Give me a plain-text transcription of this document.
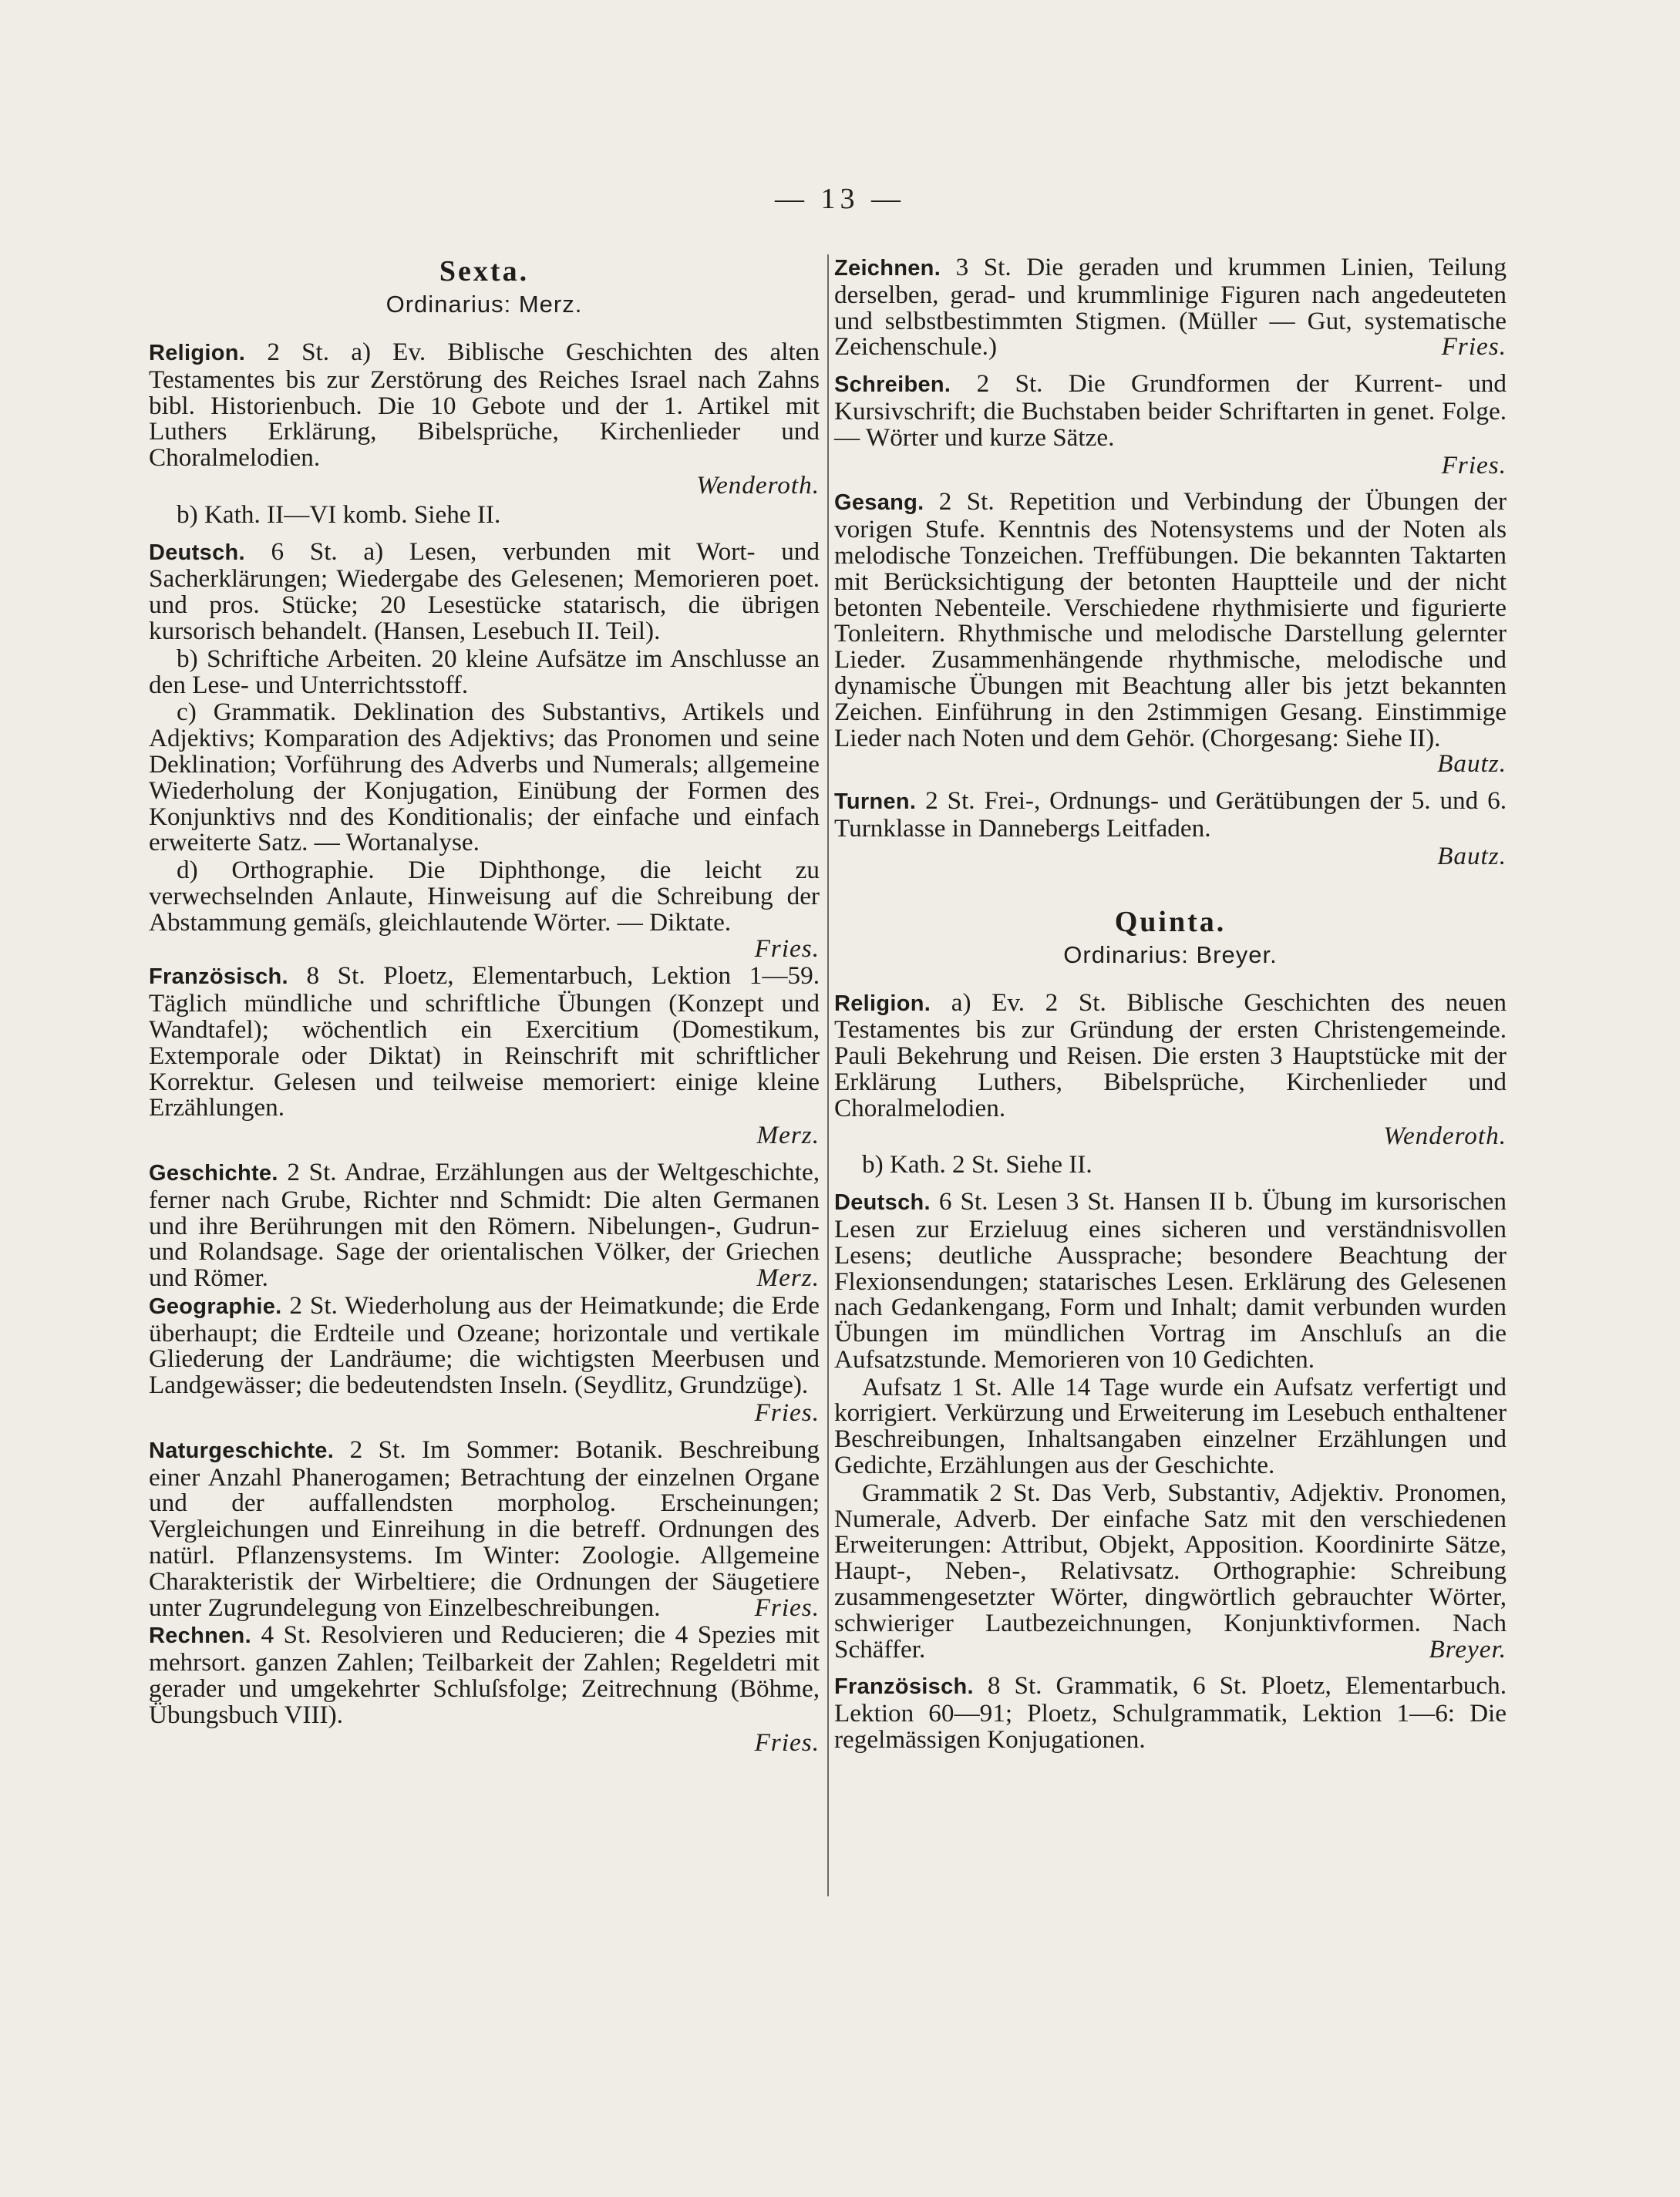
— 13 —
Sexta.
Ordinarius: Merz.

Religion. 2 St. a) Ev. Biblische Geschichten des alten Testamentes bis zur Zerstörung des Reiches Israel nach Zahns bibl. Historienbuch. Die 10 Gebote und der 1. Artikel mit Luthers Erklärung, Bibelsprüche, Kirchenlieder und Choralmelodien.

Wenderoth.

b) Kath. II—VI komb. Siehe II.

Deutsch. 6 St. a) Lesen, verbunden mit Wort- und Sacherklärungen; Wiedergabe des Gelesenen; Memorieren poet. und pros. Stücke; 20 Lesestücke statarisch, die übrigen kursorisch behandelt. (Hansen, Lesebuch II. Teil).

b) Schriftiche Arbeiten. 20 kleine Aufsätze im Anschlusse an den Lese- und Unterrichtsstoff.

c) Grammatik. Deklination des Substantivs, Artikels und Adjektivs; Komparation des Adjektivs; das Pronomen und seine Deklination; Vorführung des Adverbs und Numerals; allgemeine Wiederholung der Konjugation, Einübung der Formen des Konjunktivs nnd des Konditionalis; der einfache und einfach erweiterte Satz. — Wortanalyse.

d) Orthographie. Die Diphthonge, die leicht zu verwechselnden Anlaute, Hinweisung auf die Schreibung der Abstammung gemäſs, gleichlautende Wörter. — Diktate.
Fries.

Französisch. 8 St. Ploetz, Elementarbuch, Lektion 1—59. Täglich mündliche und schriftliche Übungen (Konzept und Wandtafel); wöchentlich ein Exercitium (Domestikum, Extemporale oder Diktat) in Reinschrift mit schriftlicher Korrektur. Gelesen und teilweise memoriert: einige kleine Erzählungen.

Merz.

Geschichte. 2 St. Andrae, Erzählungen aus der Weltgeschichte, ferner nach Grube, Richter nnd Schmidt: Die alten Germanen und ihre Berührungen mit den Römern. Nibelungen-, Gudrun- und Rolandsage. Sage der orientalischen Völker, der Griechen und Römer.	Merz.

Geographie. 2 St. Wiederholung aus der Heimatkunde; die Erde überhaupt; die Erdteile und Ozeane; horizontale und vertikale Gliederung der Landräume; die wichtigsten Meerbusen und Landgewässer; die bedeutendsten Inseln. (Seydlitz, Grundzüge).

Fries.

Naturgeschichte. 2 St. Im Sommer: Botanik. Beschreibung einer Anzahl Phanerogamen; Betrachtung der einzelnen Organe und der auffallendsten morpholog. Erscheinungen; Vergleichungen und Einreihung in die betreff. Ordnungen des natürl. Pflanzensystems. Im Winter: Zoologie. Allgemeine Charakteristik der Wirbeltiere; die Ordnungen der Säugetiere unter Zugrundelegung von Einzelbeschreibungen.	Fries.

Rechnen. 4 St. Resolvieren und Reducieren; die 4 Spezies mit mehrsort. ganzen Zahlen; Teilbarkeit der Zahlen; Regeldetri mit gerader und umgekehrter Schluſsfolge; Zeitrechnung (Böhme, Übungsbuch VIII).

Fries.

Zeichnen. 3 St. Die geraden und krummen Linien, Teilung derselben, gerad- und krummlinige Figuren nach angedeuteten und selbstbestimmten Stigmen. (Müller — Gut, systematische Zeichenschule.)	Fries.

Schreiben. 2 St. Die Grundformen der Kurrent- und Kursivschrift; die Buchstaben beider Schriftarten in genet. Folge. — Wörter und kurze Sätze.

Fries.

Gesang. 2 St. Repetition und Verbindung der Übungen der vorigen Stufe. Kenntnis des Notensystems und der Noten als melodische Tonzeichen. Treffübungen. Die bekannten Taktarten mit Berücksichtigung der betonten Hauptteile und der nicht betonten Nebenteile. Verschiedene rhythmisierte und figurierte Tonleitern. Rhythmische und melodische Darstellung gelernter Lieder. Zusammenhängende rhythmische, melodische und dynamische Übungen mit Beachtung aller bis jetzt bekannten Zeichen. Einführung in den 2stimmigen Gesang. Einstimmige Lieder nach Noten und dem Gehör. (Chorgesang: Siehe II).
Bautz.

Turnen. 2 St. Frei-, Ordnungs- und Gerätübungen der 5. und 6. Turnklasse in Dannebergs Leitfaden.

Bautz.

Quinta.
Ordinarius: Breyer.

Religion. a) Ev. 2 St. Biblische Geschichten des neuen Testamentes bis zur Gründung der ersten Christengemeinde. Pauli Bekehrung und Reisen. Die ersten 3 Hauptstücke mit der Erklärung Luthers, Bibelsprüche, Kirchenlieder und Choralmelodien.

Wenderoth.

b) Kath. 2 St. Siehe II.

Deutsch. 6 St. Lesen 3 St. Hansen II b. Übung im kursorischen Lesen zur Erzieluug eines sicheren und verständnisvollen Lesens; deutliche Aussprache; besondere Beachtung der Flexionsendungen; statarisches Lesen. Erklärung des Gelesenen nach Gedankengang, Form und Inhalt; damit verbunden wurden Übungen im mündlichen Vortrag im Anschluſs an die Aufsatzstunde. Memorieren von 10 Gedichten.

Aufsatz 1 St. Alle 14 Tage wurde ein Aufsatz verfertigt und korrigiert. Verkürzung und Erweiterung im Lesebuch enthaltener Beschreibungen, Inhaltsangaben einzelner Erzählungen und Gedichte, Erzählungen aus der Geschichte.

Grammatik 2 St. Das Verb, Substantiv, Adjektiv. Pronomen, Numerale, Adverb. Der einfache Satz mit den verschiedenen Erweiterungen: Attribut, Objekt, Apposition. Koordinirte Sätze, Haupt-, Neben-, Relativsatz. Orthographie: Schreibung zusammengesetzter Wörter, dingwörtlich gebrauchter Wörter, schwieriger Lautbezeichnungen, Konjunktivformen. Nach Schäffer.	Breyer.

Französisch. 8 St. Grammatik, 6 St. Ploetz, Elementarbuch. Lektion 60—91; Ploetz, Schulgrammatik, Lektion 1—6: Die regelmässigen Konjugationen.
